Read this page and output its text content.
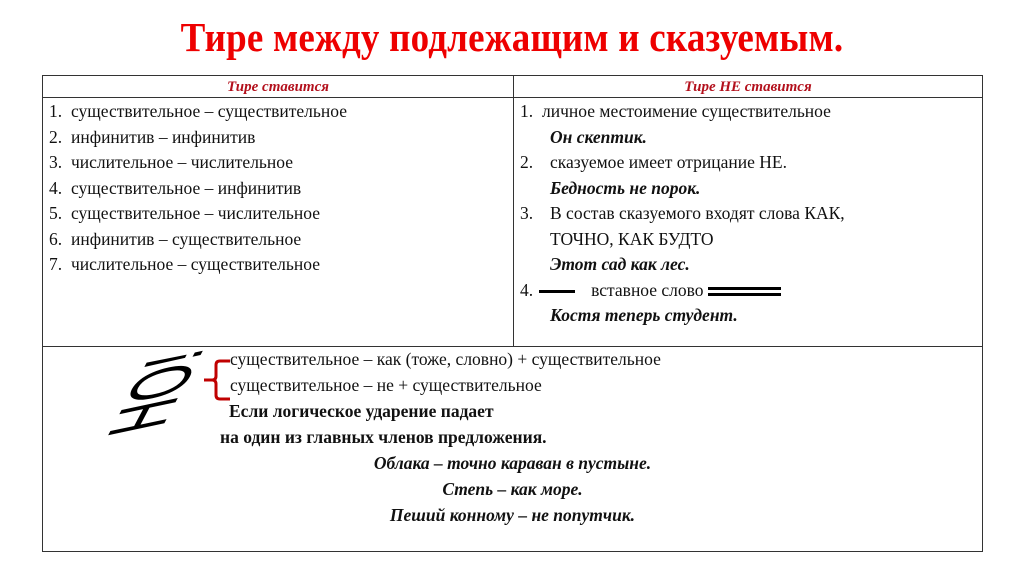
Тире между подлежащим и сказуемым.
Тире ставится	Тире НЕ ставится
1. существительное – существительное
2. инфинитив – инфинитив
3. числительное – числительное
4. существительное – инфинитив
5. существительное – числительное
6. инфинитив – существительное
7. числительное – существительное
1. личное местоимение существительное
Он скептик.
2. сказуемое имеет отрицание НЕ.
Бедность не порок.
3. В состав сказуемого входят слова КАК,
ТОЧНО, КАК БУДТО
Этот сад как лес.
4.	вставное слово
Костя теперь студент.
НО! существительное – как (тоже, словно) + существительное
существительное – не + существительное
Если логическое ударение падает
на один из главных членов предложения.
Облака – точно караван в пустыне.
Степь – как море.
Пеший конному – не попутчик.
